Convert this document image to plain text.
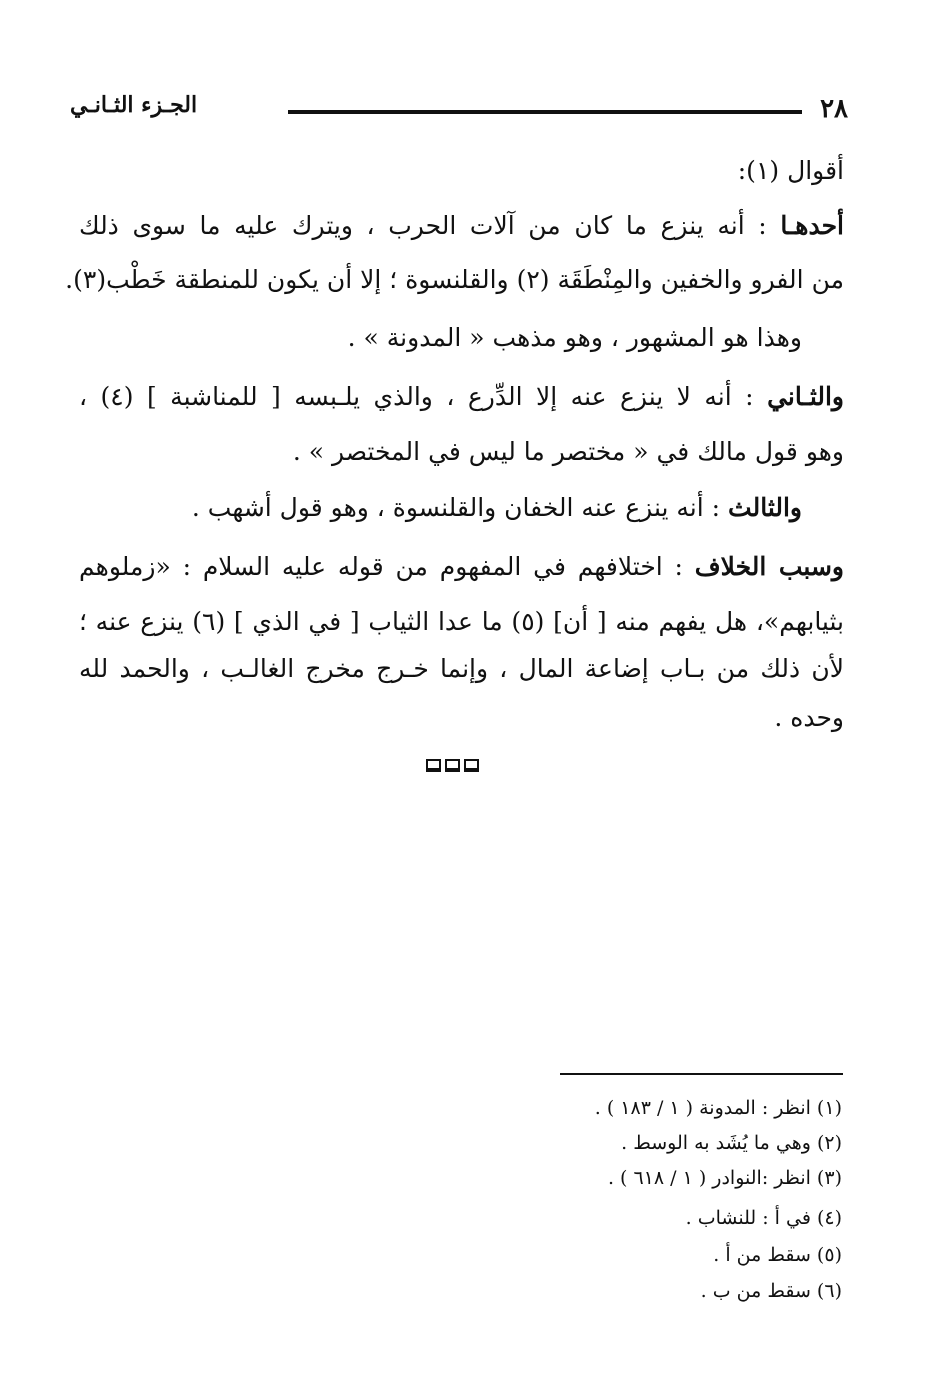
٢٨
الجـزء الثـانـي
أقوال (١):
أحدهـا : أنه ينزع ما كان من آلات الحرب ، ويترك عليه ما سوى ذلك
من الفرو والخفين والمِنْطَقَة (٢) والقلنسوة ؛ إلا أن يكون للمنطقة خَطْب(٣).
وهذا هو المشهور ، وهو مذهب « المدونة » .
والثـاني : أنه لا ينزع عنه إلا الدِّرع ، والذي يلـبسه [ للمناشبة ] (٤) ،
وهو قول مالك في « مختصر ما ليس في المختصر » .
والثالث : أنه ينزع عنه الخفان والقلنسوة ، وهو قول أشهب .
وسبب الخلاف : اختلافهم في المفهوم من قوله عليه السلام : «زملوهم
بثيابهم»، هل يفهم منه [ أن] (٥) ما عدا الثياب [ في الذي ] (٦) ينزع عنه ؛
لأن ذلك من بـاب إضاعة المال ، وإنما خـرج مخرج الغالـب ، والحمد لله
وحده .
(١) انظر : المدونة ( ١ / ١٨٣ ) .
(٢) وهي ما يُشَد به الوسط .
(٣) انظر :النوادر ( ١ / ٦١٨ ) .
(٤) في أ : للنشاب .
(٥) سقط من أ .
(٦) سقط من ب .
